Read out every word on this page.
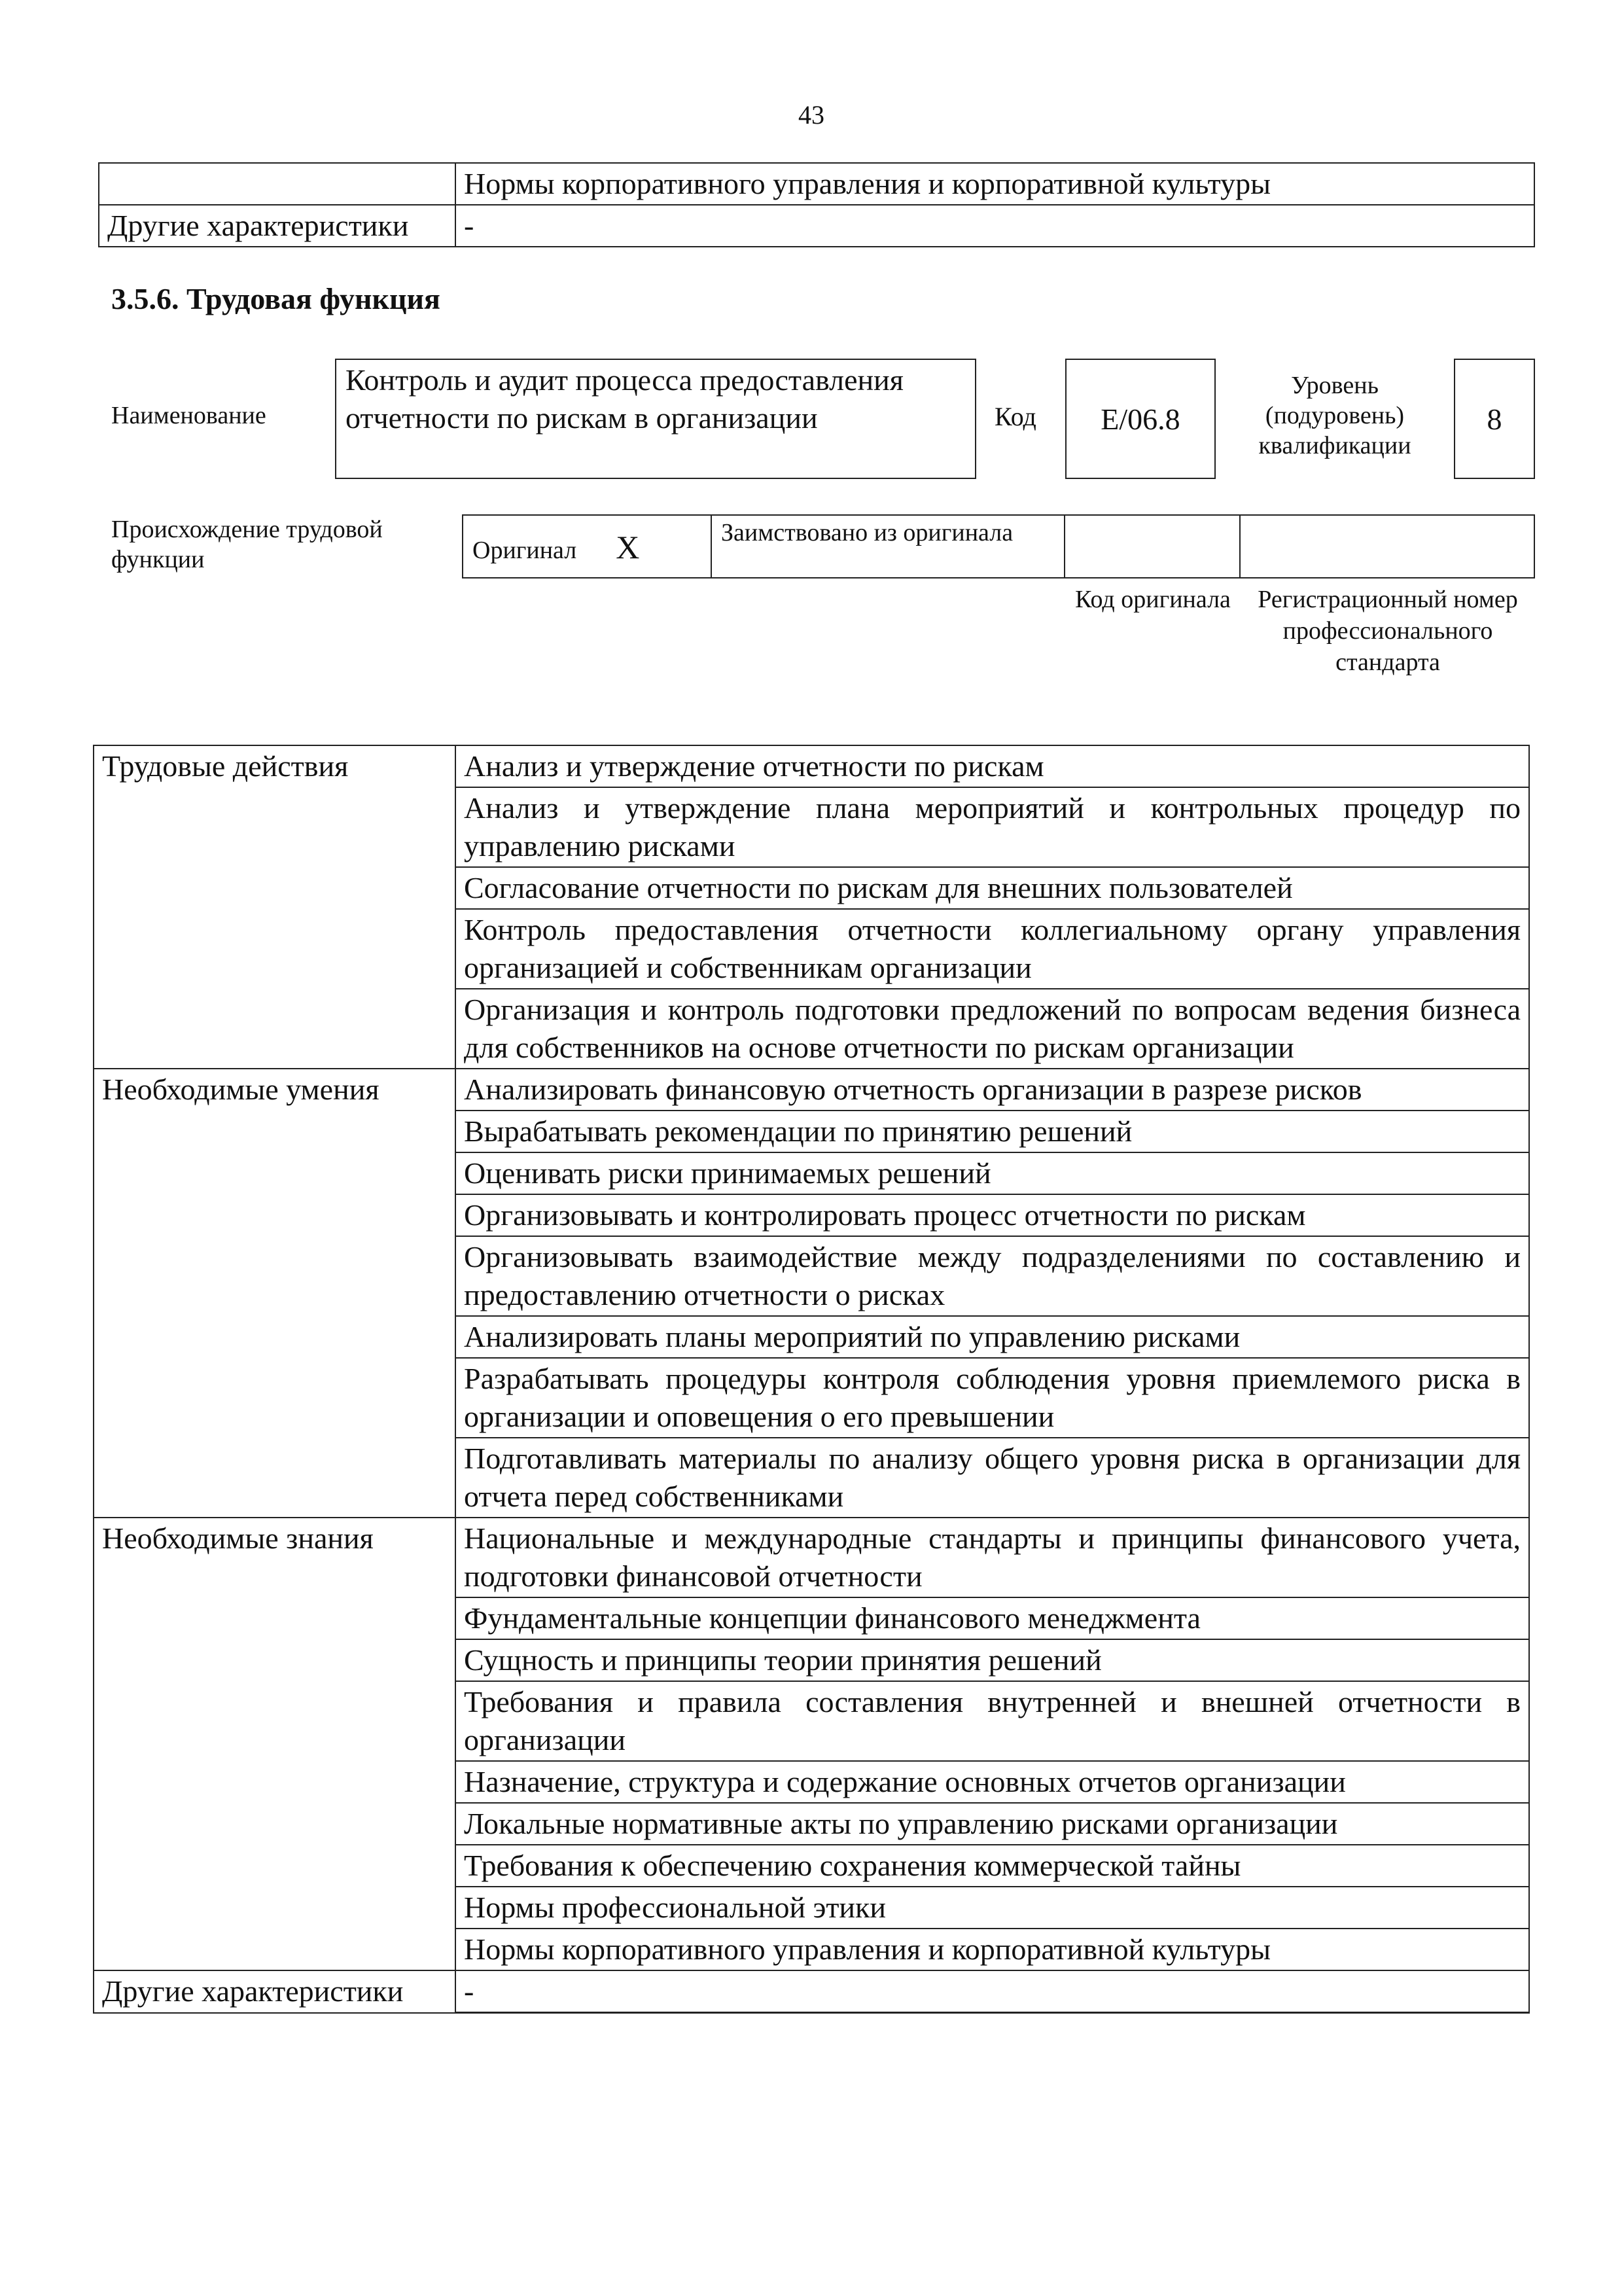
43
	Нормы корпоративного управления и корпоративной культуры
Другие характеристики	-
3.5.6. Трудовая функция
Наименование
Контроль и аудит процесса предоставления отчетности по рискам в организации	Код E/06.8
Уровень (подуровень) квалификации
8
Происхождение трудовой функции	Оригинал X	Заимствовано из оригинала		
Код оригинала	Регистрационный номер профессионального стандарта
Трудовые действия	Анализ и утверждение отчетности по рискам
	Анализ и утверждение плана мероприятий и контрольных процедур по управлению рисками
	Согласование отчетности по рискам для внешних пользователей
	Контроль предоставления отчетности коллегиальному органу управления организацией и собственникам организации
	Организация и контроль подготовки предложений по вопросам ведения бизнеса для собственников на основе отчетности по рискам организации
Необходимые умения	Анализировать финансовую отчетность организации в разрезе рисков
	Вырабатывать рекомендации по принятию решений
	Оценивать риски принимаемых решений
	Организовывать и контролировать процесс отчетности по рискам
	Организовывать взаимодействие между подразделениями по составлению и предоставлению отчетности о рисках
	Анализировать планы мероприятий по управлению рисками
	Разрабатывать процедуры контроля соблюдения уровня приемлемого риска в организации и оповещения о его превышении
	Подготавливать материалы по анализу общего уровня риска в организации для отчета перед собственниками
Необходимые знания	Национальные и международные стандарты и принципы финансового учета, подготовки финансовой отчетности
	Фундаментальные концепции финансового менеджмента
	Сущность и принципы теории принятия решений
	Требования и правила составления внутренней и внешней отчетности в организации
	Назначение, структура и содержание основных отчетов организации
	Локальные нормативные акты по управлению рисками организации
	Требования к обеспечению сохранения коммерческой тайны
	Нормы профессиональной этики
	Нормы корпоративного управления и корпоративной культуры
Другие характеристики	-
